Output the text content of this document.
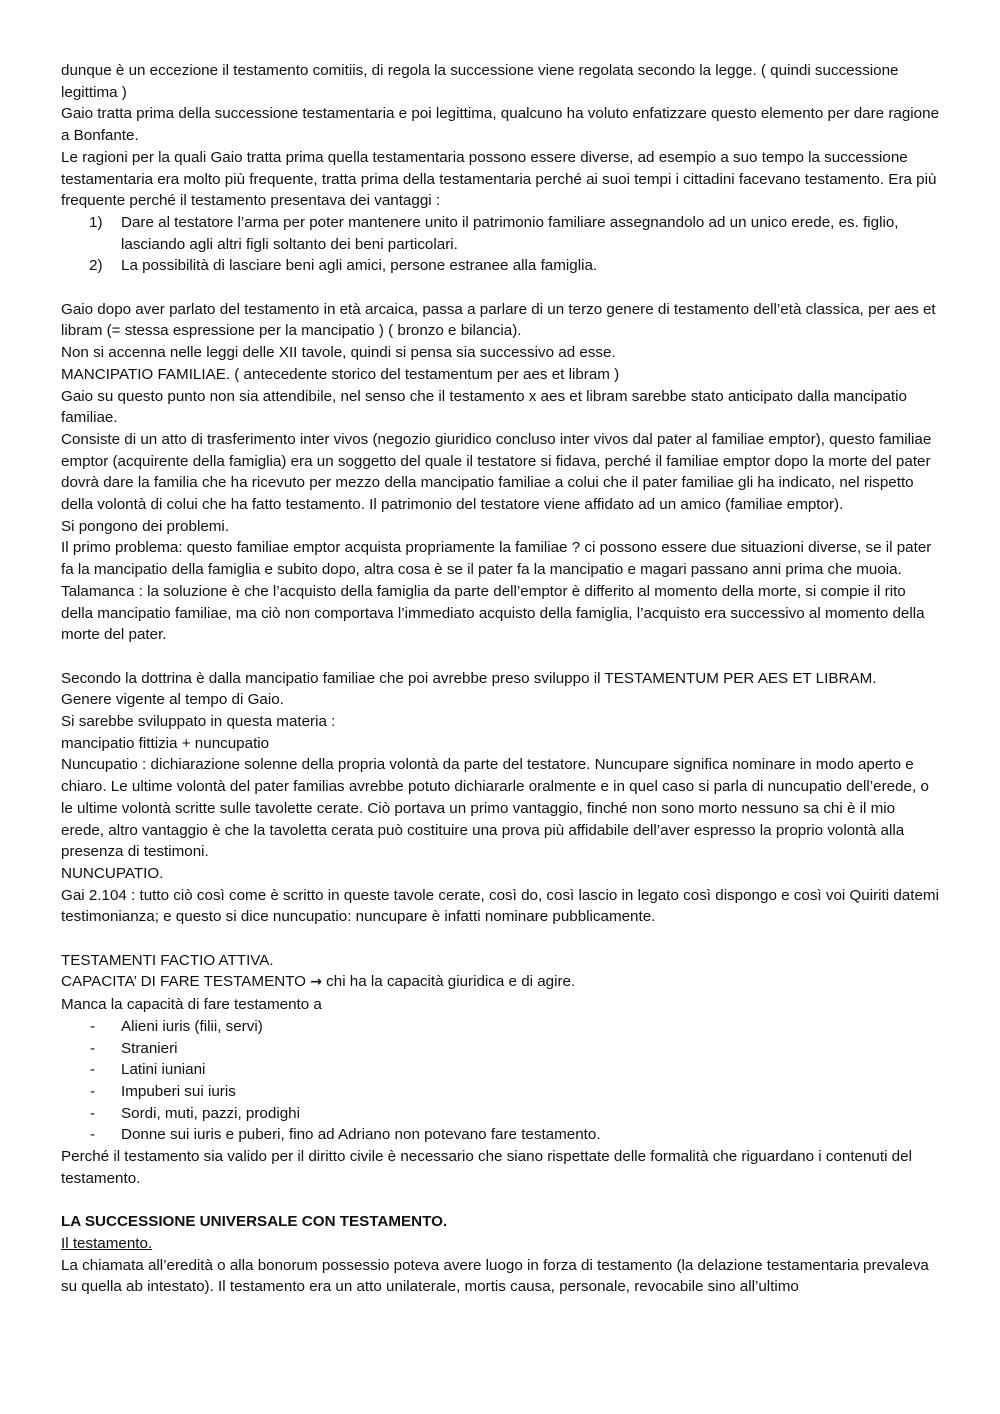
dunque è un eccezione il testamento comitiis, di regola la successione viene regolata secondo la legge. ( quindi successione legittima )

Gaio tratta prima della successione testamentaria e poi legittima, qualcuno ha voluto enfatizzare questo elemento per dare ragione a Bonfante.

Le ragioni per la quali Gaio tratta prima quella testamentaria possono essere diverse, ad esempio a suo tempo la successione testamentaria era molto più frequente, tratta prima della testamentaria perché ai suoi tempi i cittadini facevano testamento. Era più frequente perché il testamento presentava dei vantaggi :

1) Dare al testatore l’arma per poter mantenere unito il patrimonio familiare assegnandolo ad un unico erede, es. figlio, lasciando agli altri figli soltanto dei beni particolari.
2) La possibilità di lasciare beni agli amici, persone estranee alla famiglia.

Gaio dopo aver parlato del testamento in età arcaica, passa a parlare di un terzo genere di testamento dell’età classica, per aes et libram (= stessa espressione per la mancipatio ) ( bronzo e bilancia).

Non si accenna nelle leggi delle XII tavole, quindi si pensa sia successivo ad esse.

MANCIPATIO FAMILIAE. ( antecedente storico del testamentum per aes et libram )

Gaio su questo punto non sia attendibile, nel senso che il testamento x aes et libram sarebbe stato anticipato dalla mancipatio familiae.

Consiste di un atto di trasferimento inter vivos (negozio giuridico concluso inter vivos dal pater al familiae emptor), questo familiae emptor (acquirente della famiglia) era un soggetto del quale il testatore si fidava, perché il familiae emptor dopo la morte del pater dovrà dare la familia che ha ricevuto per mezzo della mancipatio familiae a colui che il pater familiae gli ha indicato, nel rispetto della volontà di colui che ha fatto testamento. Il patrimonio del testatore viene affidato ad un amico (familiae emptor).

Si pongono dei problemi.

Il primo problema: questo familiae emptor acquista propriamente la familiae ? ci possono essere due situazioni diverse, se il pater fa la mancipatio della famiglia e subito dopo, altra cosa è se il pater fa la mancipatio e magari passano anni prima che muoia.

Talamanca : la soluzione è che l’acquisto della famiglia da parte dell’emptor è differito al momento della morte, si compie il rito della mancipatio familiae, ma ciò non comportava l’immediato acquisto della famiglia, l’acquisto era successivo al momento della morte del pater.

Secondo la dottrina è dalla mancipatio familiae che poi avrebbe preso sviluppo il TESTAMENTUM PER AES ET LIBRAM.

Genere vigente al tempo di Gaio.

Si sarebbe sviluppato in questa materia :

mancipatio fittizia + nuncupatio

Nuncupatio : dichiarazione solenne della propria volontà da parte del testatore. Nuncupare significa nominare in modo aperto e chiaro. Le ultime volontà del pater familias avrebbe potuto dichiararle oralmente e in quel caso si parla di nuncupatio dell’erede, o le ultime volontà scritte sulle tavolette cerate. Ciò portava un primo vantaggio, finché non sono morto nessuno sa chi è il mio erede, altro vantaggio è che la tavoletta cerata può costituire una prova più affidabile dell’aver espresso la proprio volontà alla presenza di testimoni.

NUNCUPATIO.

Gai 2.104 : tutto ciò così come è scritto in queste tavole cerate, così do, così lascio in legato così dispongo e così voi Quiriti datemi testimonianza; e questo si dice nuncupatio: nuncupare è infatti nominare pubblicamente.

TESTAMENTI FACTIO ATTIVA.

CAPACITA’ DI FARE TESTAMENTO → chi ha la capacità giuridica e di agire.

Manca la capacità di fare testamento a

- Alieni iuris (filii, servi)
- Stranieri
- Latini iuniani
- Impuberi sui iuris
- Sordi, muti, pazzi, prodighi
- Donne sui iuris e puberi, fino ad Adriano non potevano fare testamento.

Perché il testamento sia valido per il diritto civile è necessario che siano rispettate delle formalità che riguardano i contenuti del testamento.

LA SUCCESSIONE UNIVERSALE CON TESTAMENTO.

Il testamento.

La chiamata all’eredità o alla bonorum possessio poteva avere luogo in forza di testamento (la delazione testamentaria prevaleva su quella ab intestato). Il testamento era un atto unilaterale, mortis causa, personale, revocabile sino all’ultimo
